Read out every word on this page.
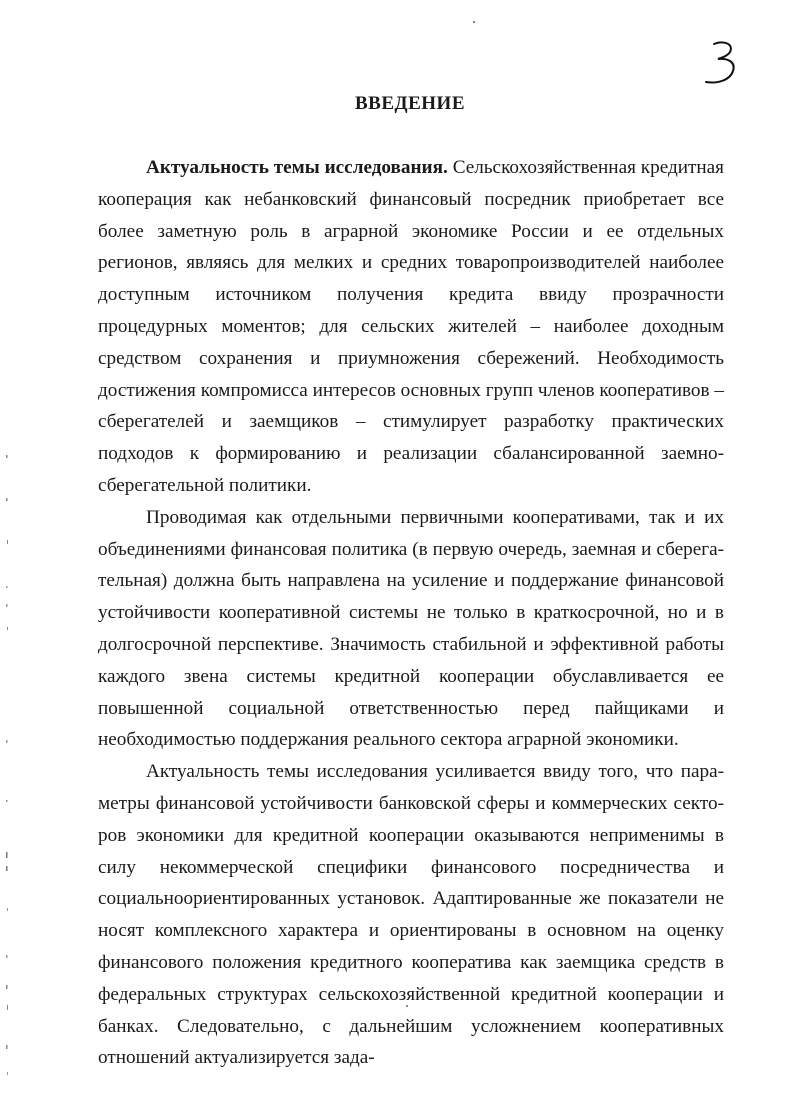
ВВЕДЕНИЕ

Актуальность темы исследования. Сельскохозяйственная кредитная кооперация как небанковский финансовый посредник приобретает все более заметную роль в аграрной экономике России и ее отдельных регионов, являясь для мелких и средних товаропроизводителей наиболее доступным источником получения кредита ввиду прозрачности процедурных моментов; для сельских жителей – наиболее доходным средством сохранения и приумножения сбережений. Необходимость достижения компромисса интересов основных групп членов кооперативов – сберегателей и заемщиков – стимулирует разработку практических подходов к формированию и реализации сбалансированной заемно-сберегательной политики.

Проводимая как отдельными первичными кооперативами, так и их объединениями финансовая политика (в первую очередь, заемная и сберегательная) должна быть направлена на усиление и поддержание финансовой устойчивости кооперативной системы не только в краткосрочной, но и в долгосрочной перспективе. Значимость стабильной и эффективной работы каждого звена системы кредитной кооперации обуславливается ее повышенной социальной ответственностью перед пайщиками и необходимостью поддержания реального сектора аграрной экономики.

Актуальность темы исследования усиливается ввиду того, что параметры финансовой устойчивости банковской сферы и коммерческих секторов экономики для кредитной кооперации оказываются неприменимы в силу некоммерческой специфики финансового посредничества и социальноориентированных установок. Адаптированные же показатели не носят комплексного характера и ориентированы в основном на оценку финансового положения кредитного кооператива как заемщика средств в федеральных структурах сельскохозяйственной кредитной кооперации и банках. Следовательно, с дальнейшим усложнением кооперативных отношений актуализируется зада-
